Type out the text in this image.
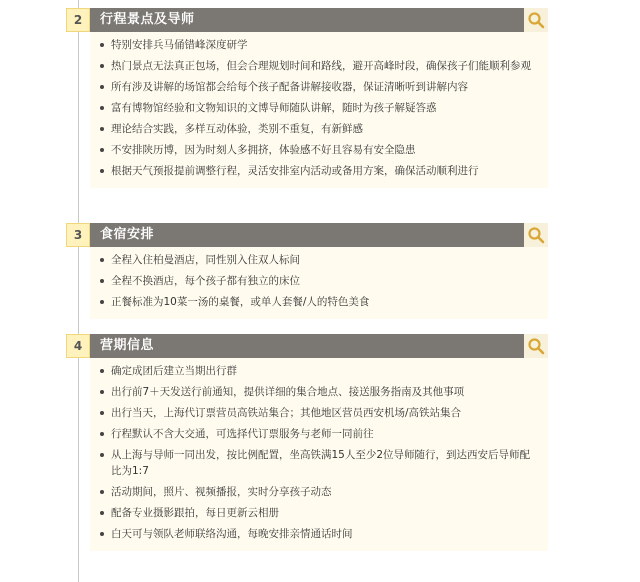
2	行程景点及导师
特别安排兵马俑错峰深度研学
热门景点无法真正包场，但会合理规划时间和路线，避开高峰时段，确保孩子们能顺利参观
所有涉及讲解的场馆都会给每个孩子配备讲解接收器，保证清晰听到讲解内容
富有博物馆经验和文物知识的文博导师随队讲解，随时为孩子解疑答惑
理论结合实践，多样互动体验，类别不重复，有新鲜感
不安排陕历博，因为时刻人多拥挤，体验感不好且容易有安全隐患
根据天气预报提前调整行程，灵活安排室内活动或备用方案，确保活动顺利进行
3	食宿安排
全程入住柏曼酒店，同性别入住双人标间
全程不换酒店，每个孩子都有独立的床位
正餐标准为10菜一汤的桌餐，或单人套餐/人的特色美食
4	营期信息
确定成团后建立当期出行群
出行前7＋天发送行前通知，提供详细的集合地点、接送服务指南及其他事项
出行当天，上海代订票营员高铁站集合；其他地区营员西安机场/高铁站集合
行程默认不含大交通，可选择代订票服务与老师一同前往
从上海与导师一同出发，按比例配置，坐高铁满15人至少2位导师随行，到达西安后导师配比为1:7
活动期间，照片、视频播报，实时分享孩子动态
配备专业摄影跟拍，每日更新云相册
白天可与领队老师联络沟通，每晚安排亲情通话时间
